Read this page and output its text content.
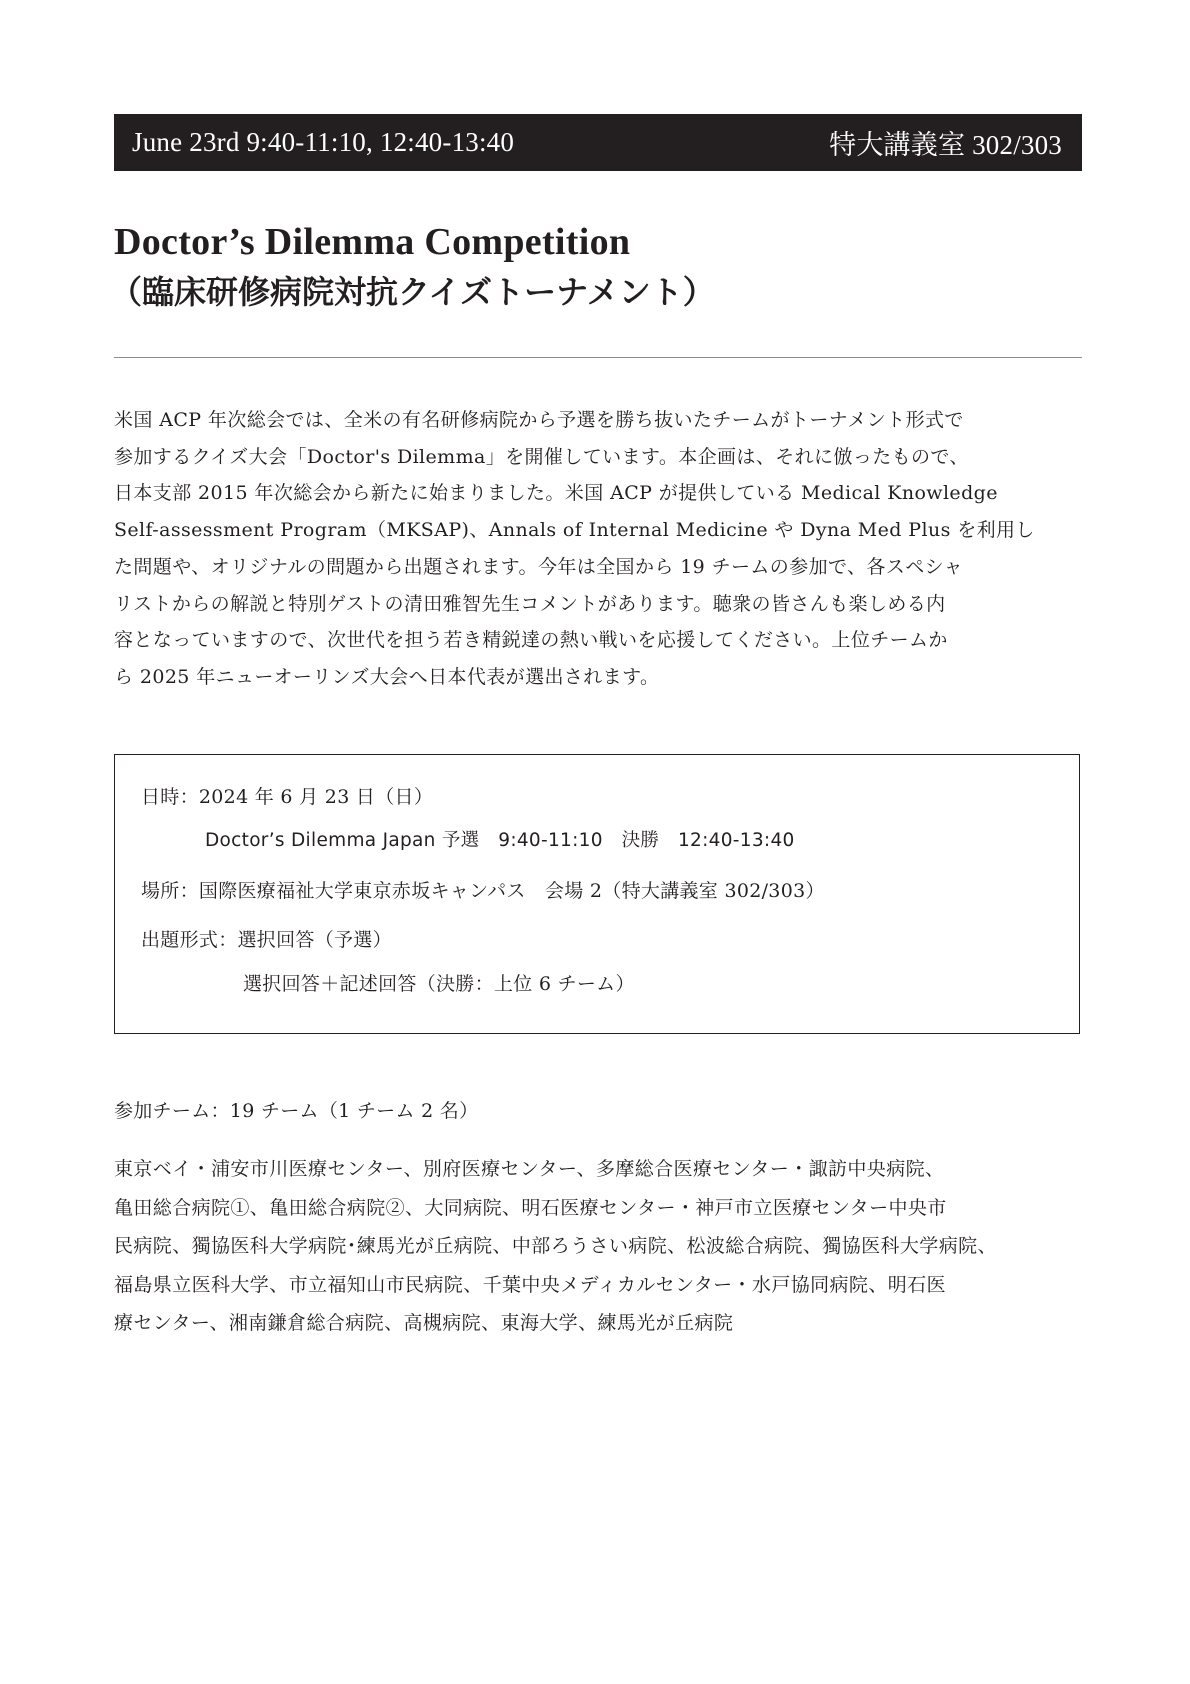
June 23rd 9:40-11:10, 12:40-13:40	特大講義室 302/303
Doctor’s Dilemma Competition
（臨床研修病院対抗クイズトーナメント）
米国 ACP 年次総会では、全米の有名研修病院から予選を勝ち抜いたチームがトーナメント形式で
参加するクイズ大会「Doctor's Dilemma」を開催しています。本企画は、それに倣ったもので、
日本支部 2015 年次総会から新たに始まりました。米国 ACP が提供している Medical Knowledge
Self-assessment Program（MKSAP)、Annals of Internal Medicine や Dyna Med Plus を利用し
た問題や、オリジナルの問題から出題されます。今年は全国から 19 チームの参加で、各スペシャ
リストからの解説と特別ゲストの清田雅智先生コメントがあります。聴衆の皆さんも楽しめる内
容となっていますので、次世代を担う若き精鋭達の熱い戦いを応援してください。上位チームか
ら 2025 年ニューオーリンズ大会へ日本代表が選出されます。
日時：2024 年 6 月 23 日（日）
Doctor’s Dilemma Japan 予選　9:40-11:10　決勝　12:40-13:40
場所：国際医療福祉大学東京赤坂キャンパス　会場 2（特大講義室 302/303）
出題形式：選択回答（予選）
選択回答＋記述回答（決勝：上位 6 チーム）
参加チーム：19 チーム（1 チーム 2 名）
東京ベイ・浦安市川医療センター、別府医療センター、多摩総合医療センター・諏訪中央病院、
亀田総合病院①、亀田総合病院②、大同病院、明石医療センター・神戸市立医療センター中央市
民病院、獨協医科大学病院･練馬光が丘病院、中部ろうさい病院、松波総合病院、獨協医科大学病院、
福島県立医科大学、市立福知山市民病院、千葉中央メディカルセンター・水戸協同病院、明石医
療センター、湘南鎌倉総合病院、高槻病院、東海大学、練馬光が丘病院
